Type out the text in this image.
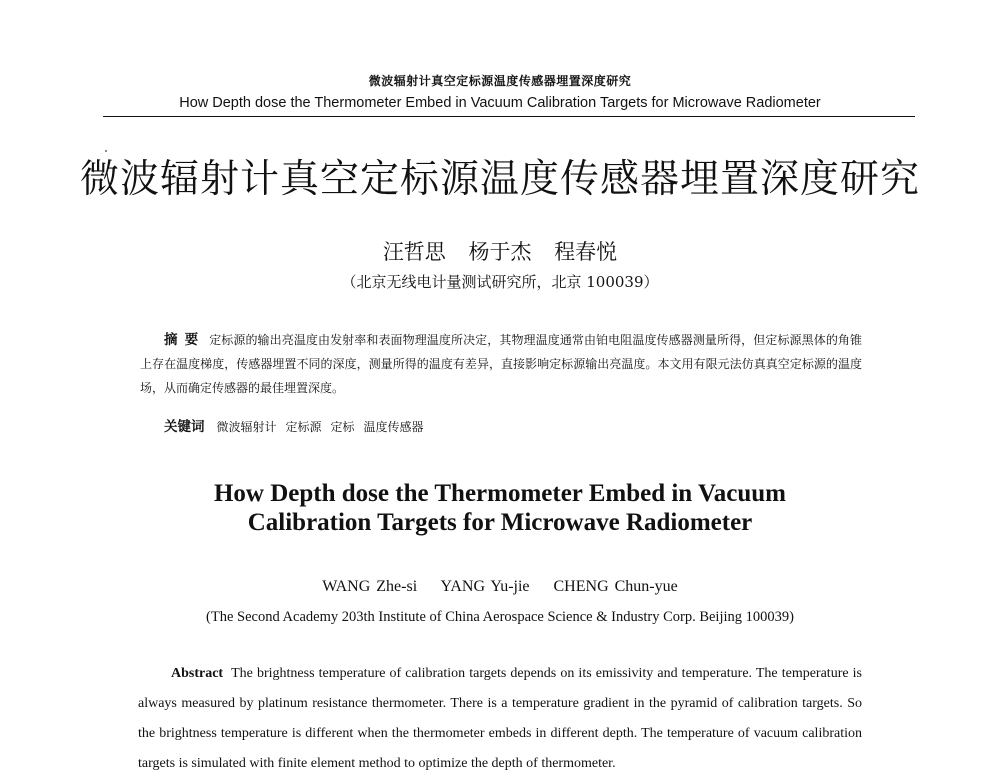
微波辐射计真空定标源温度传感器埋置深度研究
How Depth dose the Thermometer Embed in Vacuum Calibration Targets for Microwave Radiometer
微波辐射计真空定标源温度传感器埋置深度研究
汪哲思 杨于杰 程春悦
（北京无线电计量测试研究所，北京 100039）
摘要 定标源的输出亮温度由发射率和表面物理温度所决定，其物理温度通常由铂电阻温度传感器测量所得，但定标源黑体的角锥上存在温度梯度，传感器埋置不同的深度，测量所得的温度有差异，直接影响定标源输出亮温度。本文用有限元法仿真真空定标源的温度场，从而确定传感器的最佳埋置深度。
关键词 微波辐射计 定标源 定标 温度传感器
How Depth dose the Thermometer Embed in Vacuum
Calibration Targets for Microwave Radiometer
WANG Zhe-si    YANG Yu-jie    CHENG Chun-yue
(The Second Academy 203th Institute of China Aerospace Science & Industry Corp. Beijing 100039)
Abstract The brightness temperature of calibration targets depends on its emissivity and temperature. The temperature is always measured by platinum resistance thermometer. There is a temperature gradient in the pyramid of calibration targets. So the brightness temperature is different when the thermometer embeds in different depth. The temperature of vacuum calibration targets is simulated with finite element method to optimize the depth of thermometer.
